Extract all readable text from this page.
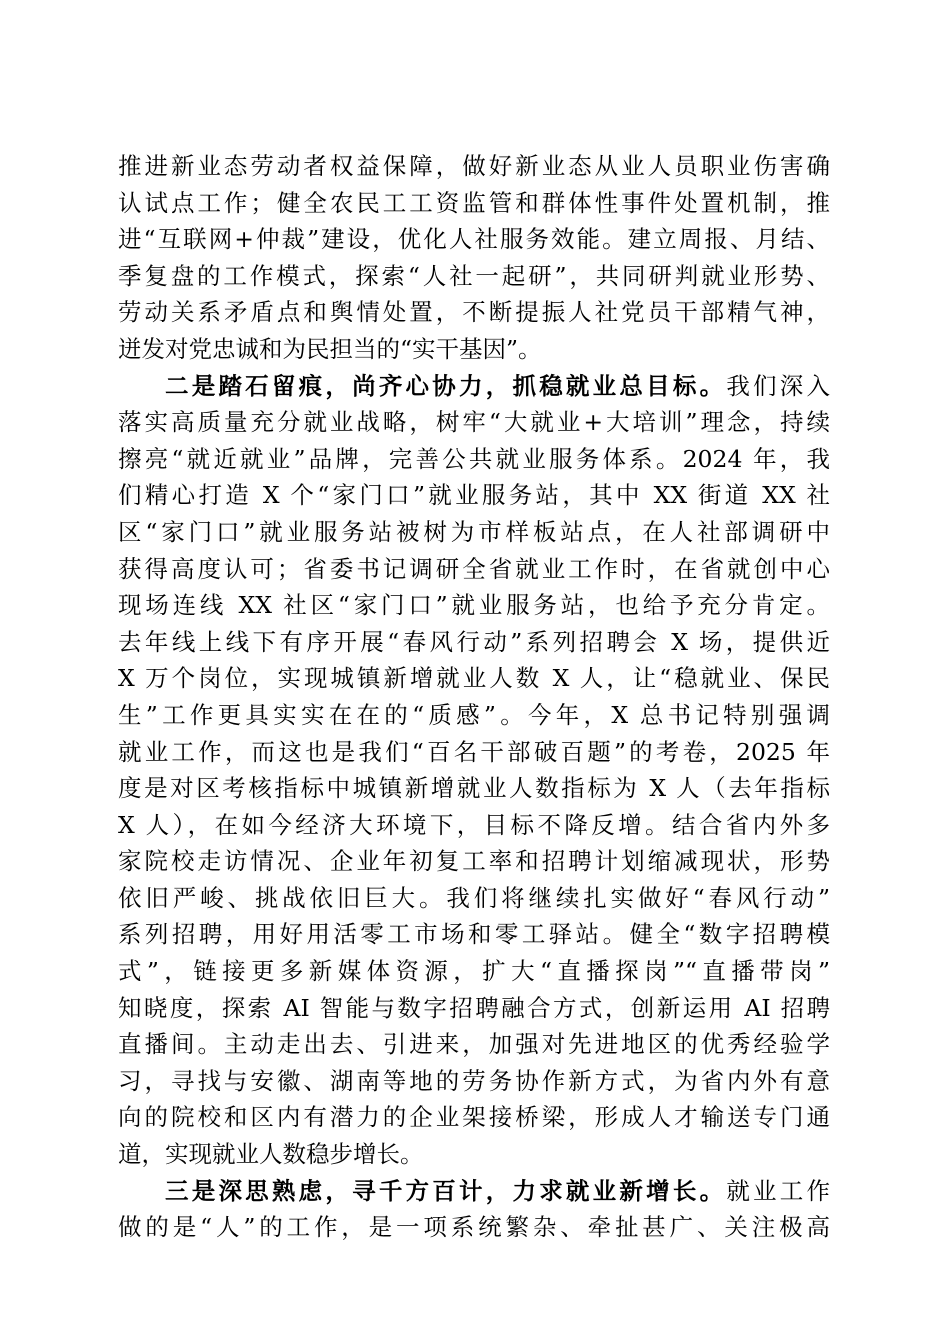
推进新业态劳动者权益保障，做好新业态从业人员职业伤害确
认试点工作；健全农民工工资监管和群体性事件处置机制，推
进“互联网+仲裁”建设，优化人社服务效能。建立周报、月结、
季复盘的工作模式，探索“人社一起研”，共同研判就业形势、
劳动关系矛盾点和舆情处置，不断提振人社党员干部精气神，
迸发对党忠诚和为民担当的“实干基因”。
二是踏石留痕，尚齐心协力，抓稳就业总目标。我们深入
落实高质量充分就业战略，树牢“大就业+大培训”理念，持续
擦亮“就近就业”品牌，完善公共就业服务体系。2024 年，我
们精心打造 X 个“家门口”就业服务站，其中 XX 街道 XX 社
区“家门口”就业服务站被树为市样板站点，在人社部调研中
获得高度认可；省委书记调研全省就业工作时，在省就创中心
现场连线 XX 社区“家门口”就业服务站，也给予充分肯定。
去年线上线下有序开展“春风行动”系列招聘会 X 场，提供近
X 万个岗位，实现城镇新增就业人数 X 人，让“稳就业、保民
生”工作更具实实在在的“质感”。今年，X 总书记特别强调
就业工作，而这也是我们“百名干部破百题”的考卷，2025 年
度是对区考核指标中城镇新增就业人数指标为 X 人（去年指标
X 人），在如今经济大环境下，目标不降反增。结合省内外多
家院校走访情况、企业年初复工率和招聘计划缩减现状，形势
依旧严峻、挑战依旧巨大。我们将继续扎实做好“春风行动”
系列招聘，用好用活零工市场和零工驿站。健全“数字招聘模
式”，链接更多新媒体资源，扩大“直播探岗”“直播带岗”
知晓度，探索 AI 智能与数字招聘融合方式，创新运用 AI 招聘
直播间。主动走出去、引进来，加强对先进地区的优秀经验学
习，寻找与安徽、湖南等地的劳务协作新方式，为省内外有意
向的院校和区内有潜力的企业架接桥梁，形成人才输送专门通
道，实现就业人数稳步增长。
三是深思熟虑，寻千方百计，力求就业新增长。就业工作
做的是“人”的工作，是一项系统繁杂、牵扯甚广、关注极高
